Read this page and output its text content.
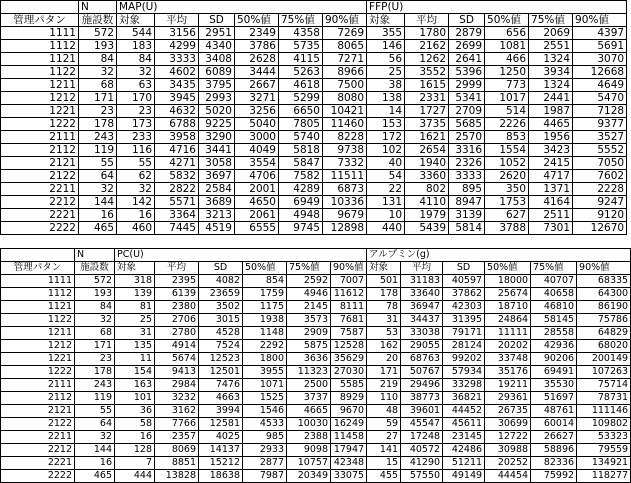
	N	MAP(U)						FFP(U)					
管理パタン	施設数	対象	平均	SD	50%値	75%値	90%値	対象	平均	SD	50%値	75%値	90%値
1111	572	544	3156	2951	2349	4358	7269	355	1780	2879	656	2069	4397
1112	193	183	4299	4340	3786	5735	8065	146	2162	2699	1081	2551	5691
1121	84	84	3333	3408	2628	4115	7271	56	1262	2641	466	1324	3070
1122	32	32	4602	6089	3444	5263	8966	25	3552	5396	1250	3934	12668
1211	68	63	3435	3795	2667	4618	7500	38	1615	2999	773	1324	4649
1212	171	170	3945	2993	3271	5299	8080	138	2331	5341	1017	2441	5470
1221	23	23	4632	5020	3256	6650	10421	14	1727	2709	514	1987	7128
1222	178	173	6788	9225	5040	7805	11460	153	3735	5685	2226	4465	9377
2111	243	233	3958	3290	3000	5740	8228	172	1621	2570	853	1956	3527
2112	119	116	4716	3441	4049	5818	9738	102	2654	3316	1554	3423	5552
2121	55	55	4271	3058	3554	5847	7332	40	1940	2326	1052	2415	7050
2122	64	62	5832	3697	4706	7582	11511	54	3360	3333	2620	4717	7602
2211	32	32	2822	2584	2001	4289	6873	22	802	895	350	1371	2228
2212	144	142	5571	3689	4650	6949	10336	131	4110	8947	1753	4164	9247
2221	16	16	3364	3213	2061	4948	9679	10	1979	3139	627	2511	9120
2222	465	460	7445	4519	6555	9745	12898	440	5439	5814	3788	7301	12670
	N	PC(U)						アルブミン(g)					
管理パタン	施設数	対象	平均	SD	50%値	75%値	90%値	対象	平均	SD	50%値	75%値	90%値
1111	572	318	2395	4082	854	2592	7007	501	31183	40597	18000	40707	68335
1112	193	139	6139	23659	1759	4946	11612	178	33640	37862	25674	40658	64300
1121	84	81	2380	3502	1175	2145	8111	78	36947	42303	18710	46810	86190
1122	32	25	2706	3015	1938	3573	7681	31	34437	31395	24864	58145	75786
1211	68	31	2780	4528	1148	2909	7587	53	33038	79171	11111	28558	64829
1212	171	135	4914	7524	2292	5875	12528	162	29055	28124	20202	42936	68020
1221	23	11	5674	12523	1800	3636	35629	20	68763	99202	33748	90206	200149
1222	178	154	9413	12501	3955	11323	27030	171	50767	57934	35176	69491	107263
2111	243	163	2984	7476	1071	2500	5585	219	29496	33298	19211	35530	75714
2112	119	101	3232	4663	1525	3737	8929	110	38773	36821	29361	51697	78731
2121	55	36	3162	3994	1546	4665	9670	48	39601	44452	26735	48761	111146
2122	64	58	7766	12581	4533	10030	16249	59	45547	45611	30699	60014	109802
2211	32	16	2357	4025	985	2388	11458	27	17248	23145	12722	26627	53323
2212	144	128	8069	14137	2933	9098	17947	141	40572	42486	30988	58896	79559
2221	16	7	8851	15212	2877	10757	42348	15	41290	51211	20252	82336	134921
2222	465	444	13828	18638	7987	20349	33075	455	57550	49149	44454	75992	118277
